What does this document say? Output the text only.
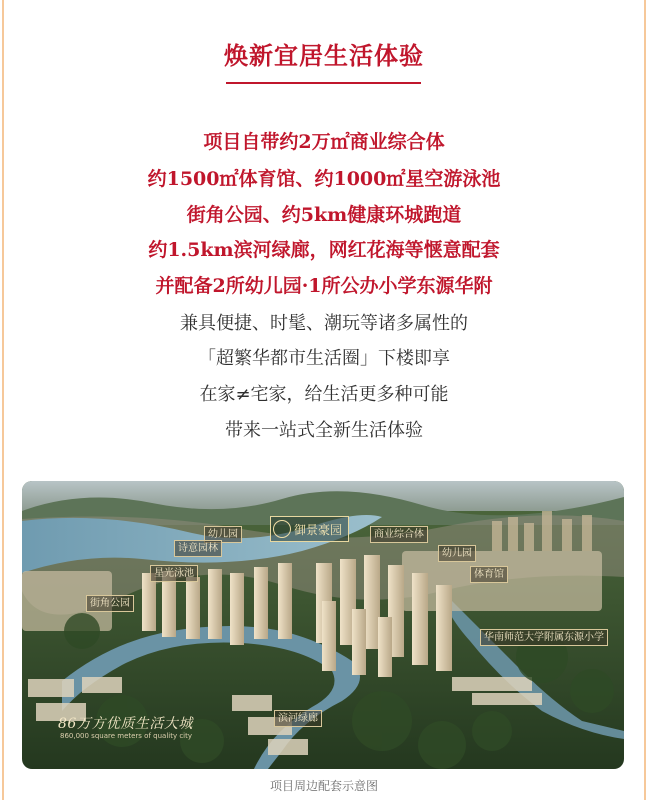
焕新宜居生活体验
项目自带约2万㎡商业综合体
约1500㎡体育馆、约1000㎡星空游泳池
街角公园、约5km健康环城跑道
约1.5km滨河绿廊，网红花海等惬意配套
并配备2所幼儿园·1所公办小学东源华附
兼具便捷、时髦、潮玩等诸多属性的
「超繁华都市生活圈」下楼即享
在家≠宅家，给生活更多种可能
带来一站式全新生活体验
御景豪园
幼儿园
诗意园林
星光泳池
街角公园
商业综合体
幼儿园
体育馆
华南师范大学附属东源小学
滨河绿廊
86万方优质生活大城
860,000 square meters of quality city
项目周边配套示意图
